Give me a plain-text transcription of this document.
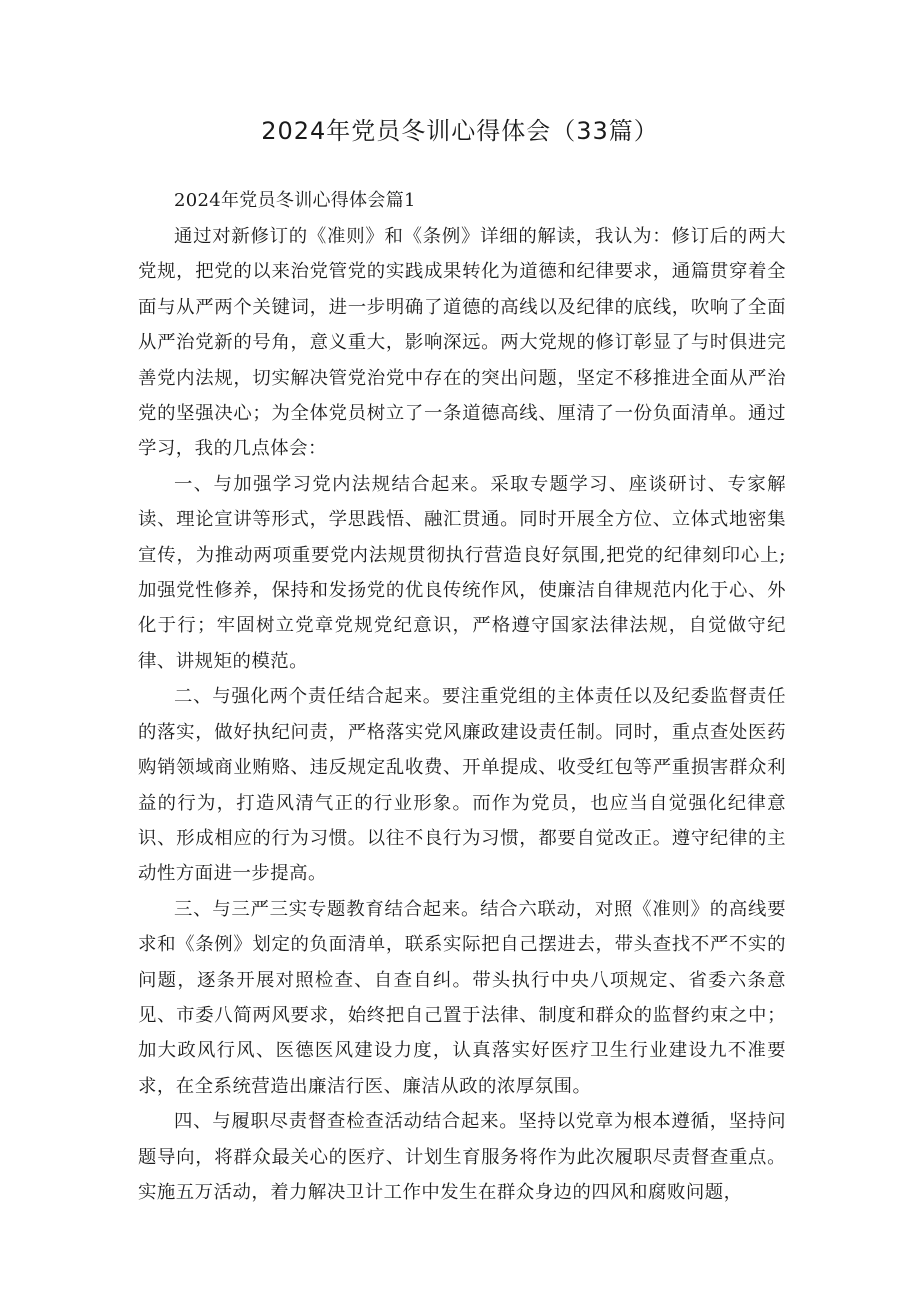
2024年党员冬训心得体会（33篇）

2024年党员冬训心得体会篇1

通过对新修订的《准则》和《条例》详细的解读，我认为：修订后的两大党规，把党的以来治党管党的实践成果转化为道德和纪律要求，通篇贯穿着全面与从严两个关键词，进一步明确了道德的高线以及纪律的底线，吹响了全面从严治党新的号角，意义重大，影响深远。两大党规的修订彰显了与时俱进完善党内法规，切实解决管党治党中存在的突出问题，坚定不移推进全面从严治党的坚强决心；为全体党员树立了一条道德高线、厘清了一份负面清单。通过学习，我的几点体会：

一、与加强学习党内法规结合起来。采取专题学习、座谈研讨、专家解读、理论宣讲等形式，学思践悟、融汇贯通。同时开展全方位、立体式地密集宣传，为推动两项重要党内法规贯彻执行营造良好氛围,把党的纪律刻印心上;加强党性修养，保持和发扬党的优良传统作风，使廉洁自律规范内化于心、外化于行；牢固树立党章党规党纪意识，严格遵守国家法律法规，自觉做守纪律、讲规矩的模范。

二、与强化两个责任结合起来。要注重党组的主体责任以及纪委监督责任的落实，做好执纪问责，严格落实党风廉政建设责任制。同时，重点查处医药购销领域商业贿赂、违反规定乱收费、开单提成、收受红包等严重损害群众利益的行为，打造风清气正的行业形象。而作为党员，也应当自觉强化纪律意识、形成相应的行为习惯。以往不良行为习惯，都要自觉改正。遵守纪律的主动性方面进一步提高。

三、与三严三实专题教育结合起来。结合六联动，对照《准则》的高线要求和《条例》划定的负面清单，联系实际把自己摆进去，带头查找不严不实的问题，逐条开展对照检查、自查自纠。带头执行中央八项规定、省委六条意见、市委八简两风要求，始终把自己置于法律、制度和群众的监督约束之中；加大政风行风、医德医风建设力度，认真落实好医疗卫生行业建设九不准要求，在全系统营造出廉洁行医、廉洁从政的浓厚氛围。

四、与履职尽责督查检查活动结合起来。坚持以党章为根本遵循，坚持问题导向，将群众最关心的医疗、计划生育服务将作为此次履职尽责督查重点。实施五万活动，着力解决卫计工作中发生在群众身边的四风和腐败问题，
